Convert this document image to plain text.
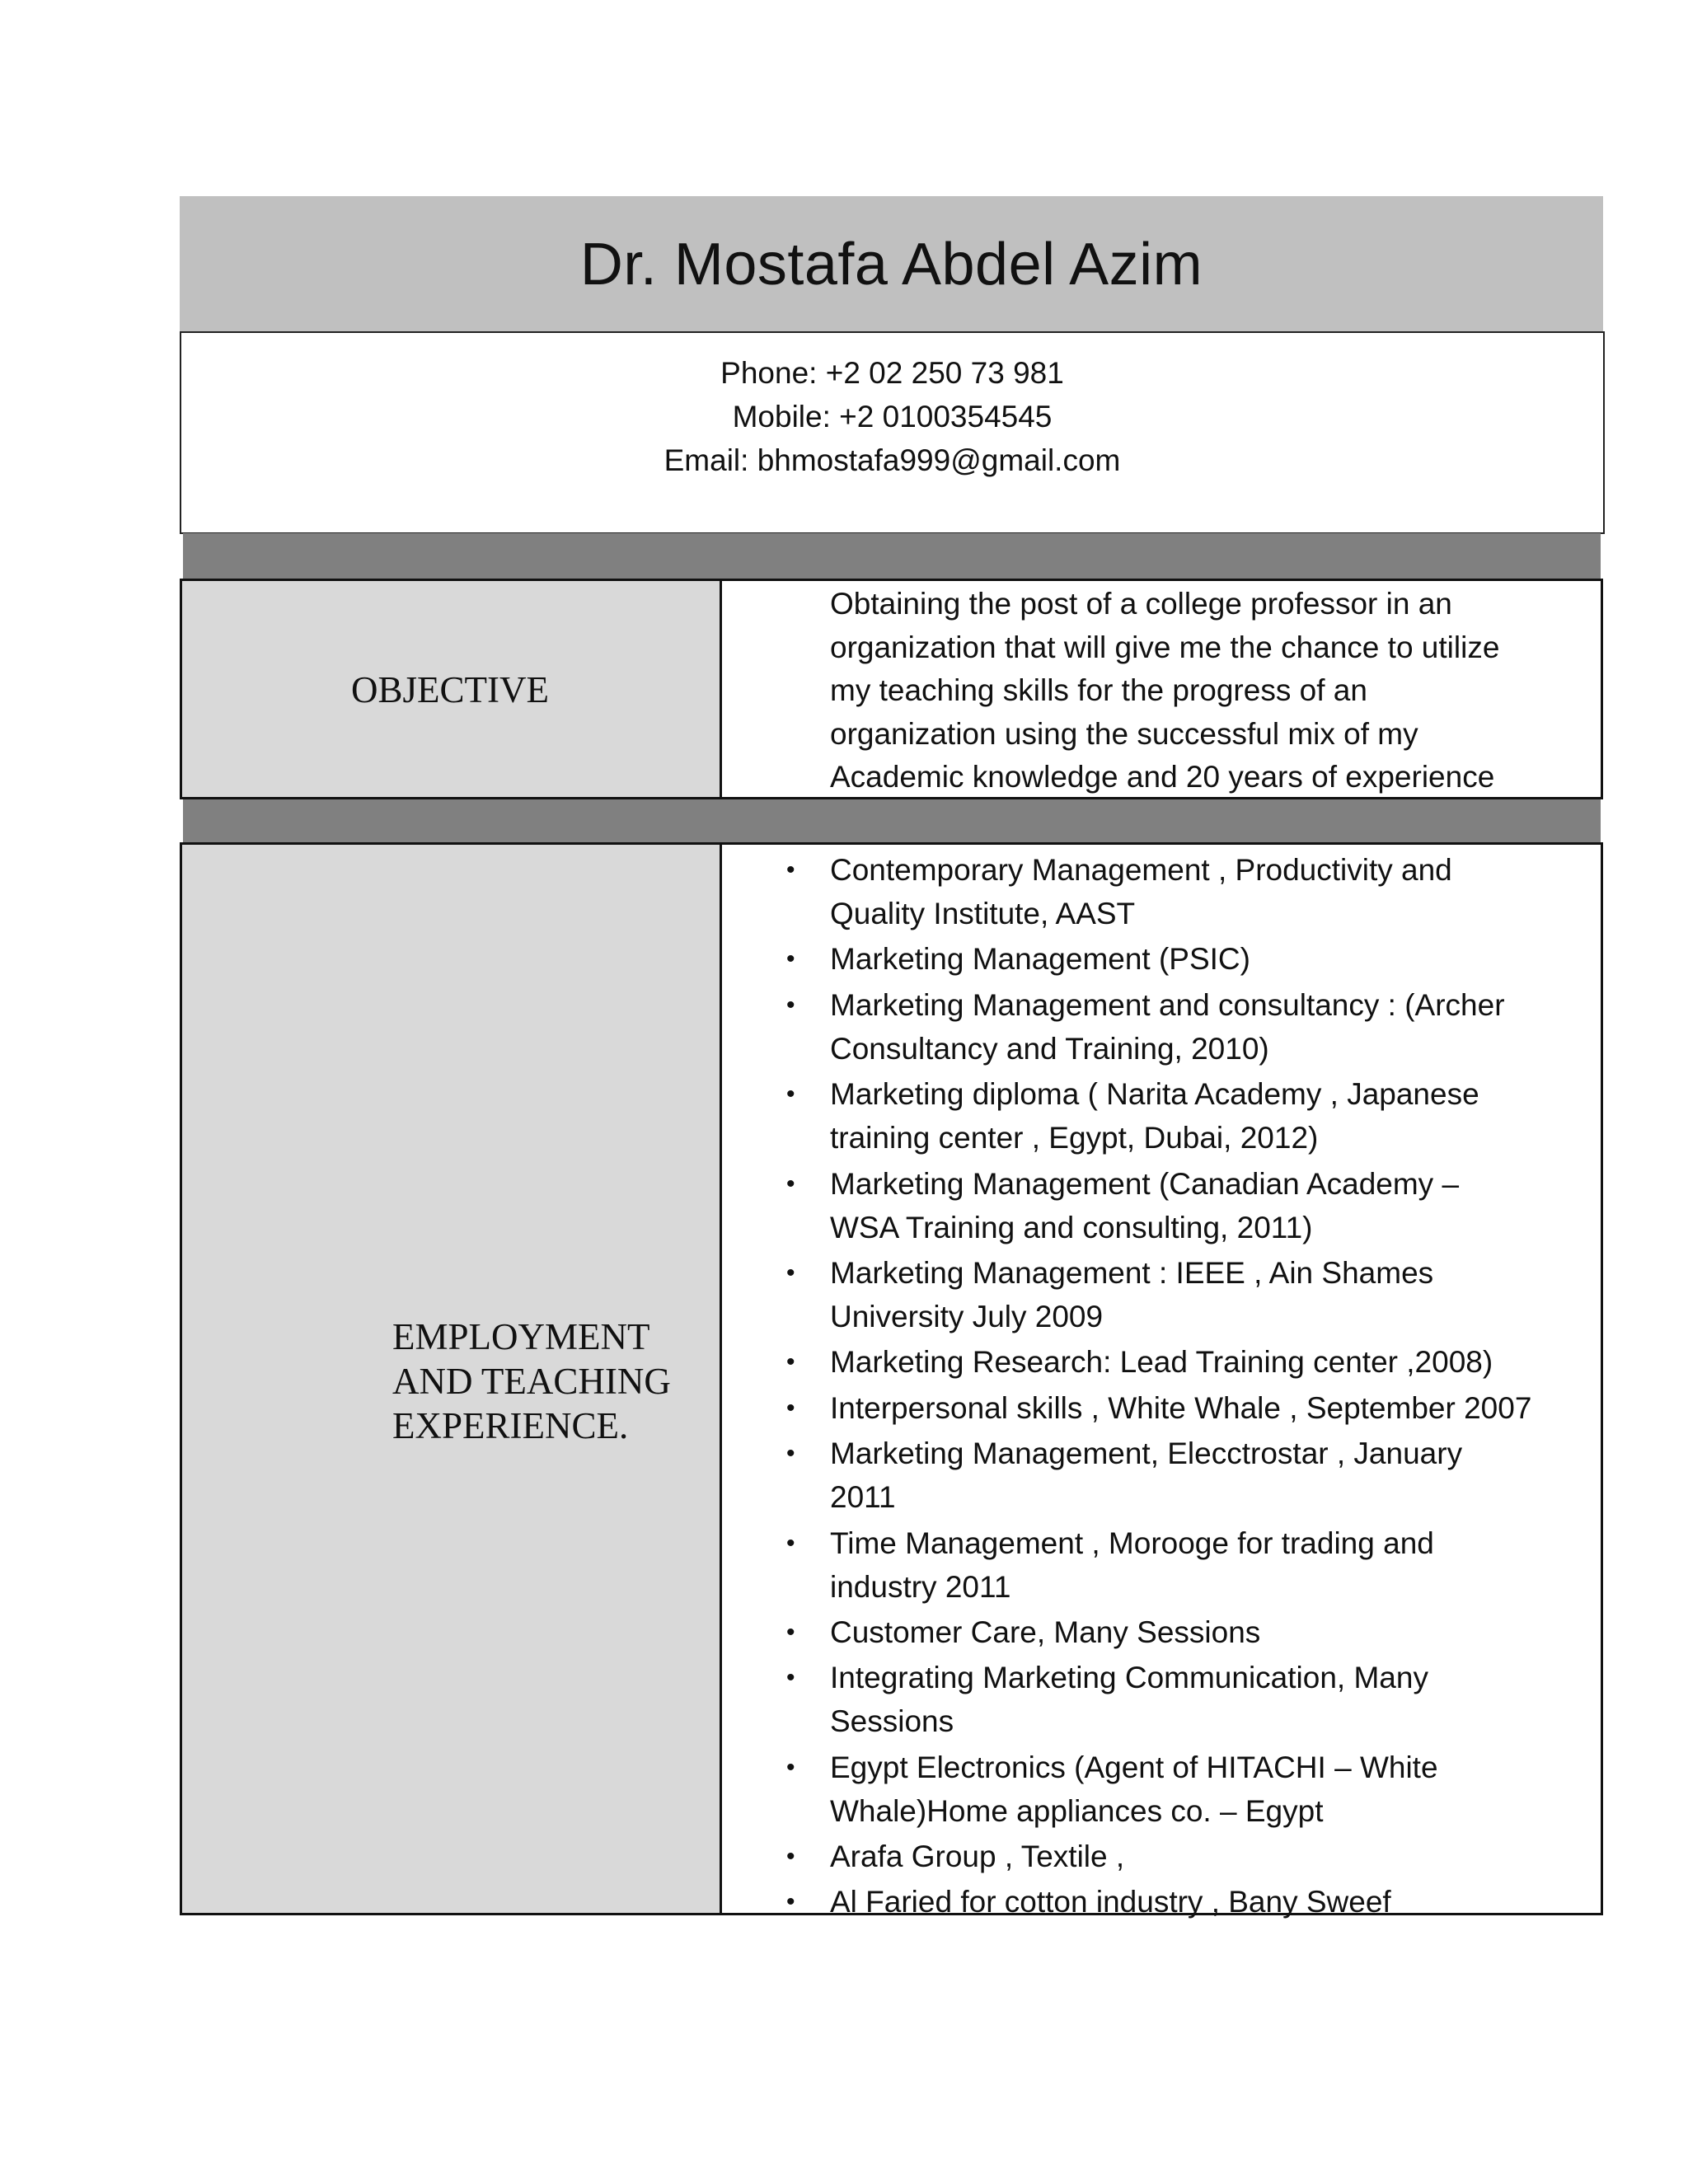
Dr. Mostafa Abdel Azim
Phone: +2 02 250 73 981
Mobile: +2 0100354545
Email: bhmostafa999@gmail.com
OBJECTIVE
Obtaining the post of a college professor in an
organization that will give me the chance to utilize
my teaching skills for the progress of an
organization using the successful mix of my
Academic knowledge and 20 years of experience
EMPLOYMENT
AND TEACHING
EXPERIENCE.
• Contemporary Management , Productivity and
Quality Institute, AAST
• Marketing Management (PSIC)
• Marketing Management and consultancy : (Archer
Consultancy and Training, 2010)
• Marketing diploma ( Narita Academy , Japanese
training center , Egypt, Dubai, 2012)
• Marketing Management (Canadian Academy –
WSA Training and consulting, 2011)
• Marketing Management : IEEE , Ain Shames
University July 2009
• Marketing Research: Lead Training center ,2008)
• Interpersonal skills , White Whale , September 2007
• Marketing Management, Elecctrostar , January
2011
• Time Management , Morooge for trading and
industry 2011
• Customer Care, Many Sessions
• Integrating Marketing Communication, Many
Sessions
• Egypt Electronics (Agent of HITACHI – White
Whale)Home appliances co. – Egypt
• Arafa Group , Textile ,
• Al Faried for cotton industry , Bany Sweef
